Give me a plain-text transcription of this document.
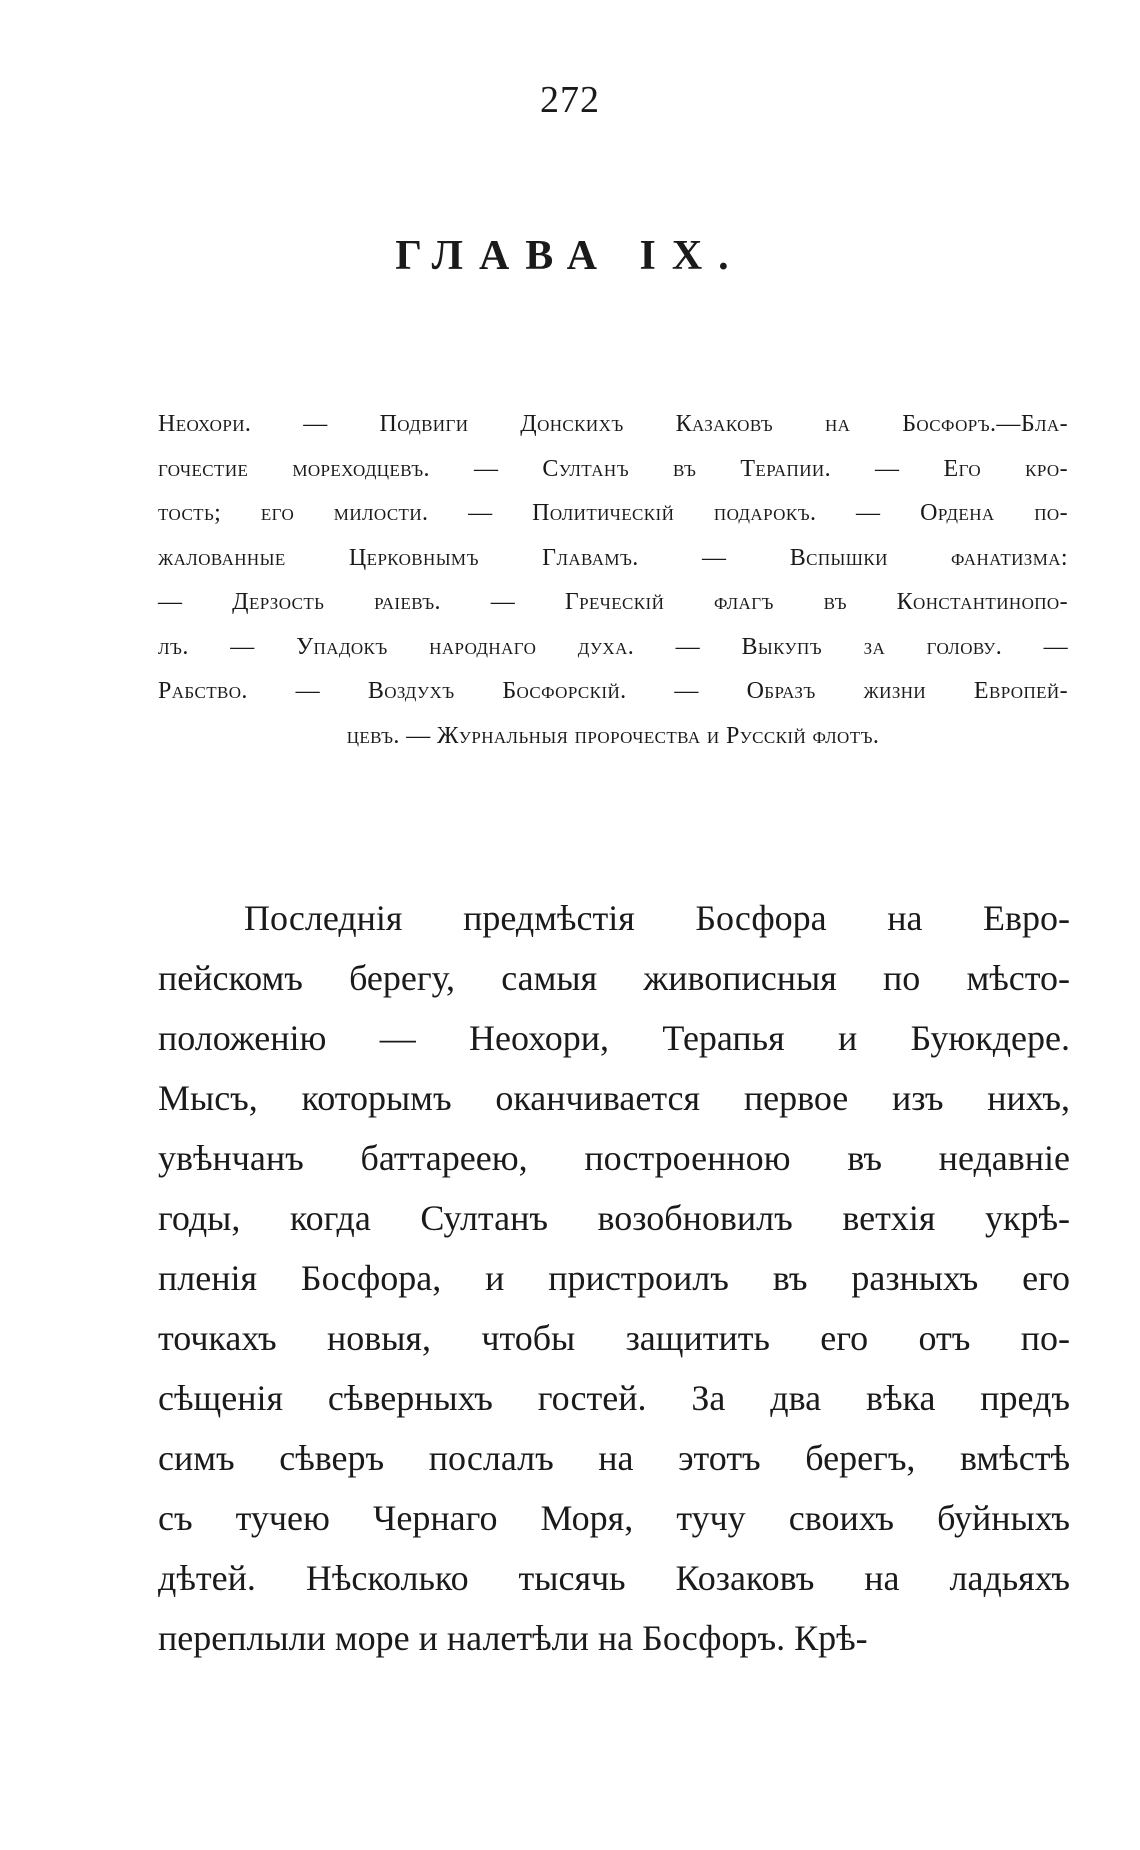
272
ГЛАВА IX.
Неохори. — Подвиги Донскихъ Казаковъ на Босфоръ.—Бла-
гочестие мореходцевъ. — Султанъ въ Терапии. — Его кро-
тость; его милости. — Политическій подарокъ. — Ордена по-
жалованные Церковнымъ Главамъ. — Вспышки фанатизма:
— Дерзость раіевъ. — Греческій флагъ въ Константинопо-
лъ. — Упадокъ народнаго духа. — Выкупъ за голову. —
Рабство. — Воздухъ Босфорскій. — Образъ жизни Европей-
цевъ. — Журнальныя пророчества и Русскій флотъ.
Последнія предмѣстія Босфора на Евро-
пейскомъ берегу, самыя живописныя по мѣсто-
положенію — Неохори, Терапья и Буюкдере.
Мысъ, которымъ оканчивается первое изъ нихъ,
увѣнчанъ баттареею, построенною въ недавніе
годы, когда Султанъ возобновилъ ветхія укрѣ-
пленія Босфора, и пристроилъ въ разныхъ его
точкахъ новыя, чтобы защитить его отъ по-
сѣщенія сѣверныхъ гостей. За два вѣка предъ
симъ сѣверъ послалъ на этотъ берегъ, вмѣстѣ
съ тучею Чернаго Моря, тучу своихъ буйныхъ
дѣтей. Нѣсколько тысячь Козаковъ на ладьяхъ
переплыли море и налетѣли на Босфоръ. Крѣ-
